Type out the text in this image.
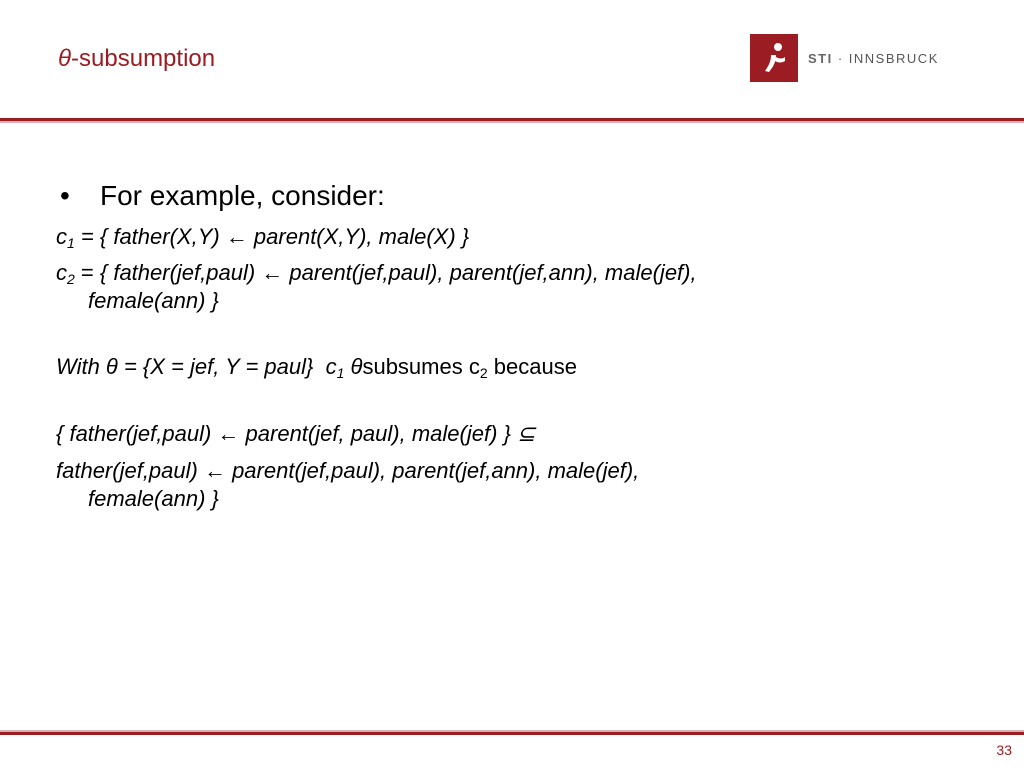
θ-subsumption	STI · INNSBRUCK
•	For example, consider:
$c_1$ = { father(X,Y) ← parent(X,Y), male(X) }
$c_2$ = { father(jef,paul) ← parent(jef,paul), parent(jef,ann), male(jef),
female(ann) }
With θ = {X = jef, Y = paul} $c_1$ θsubsumes $c_2$ because
{ father(jef,paul) ← parent(jef, paul), male(jef) } ⊆
father(jef,paul) ← parent(jef,paul), parent(jef,ann), male(jef),
female(ann) }
33
